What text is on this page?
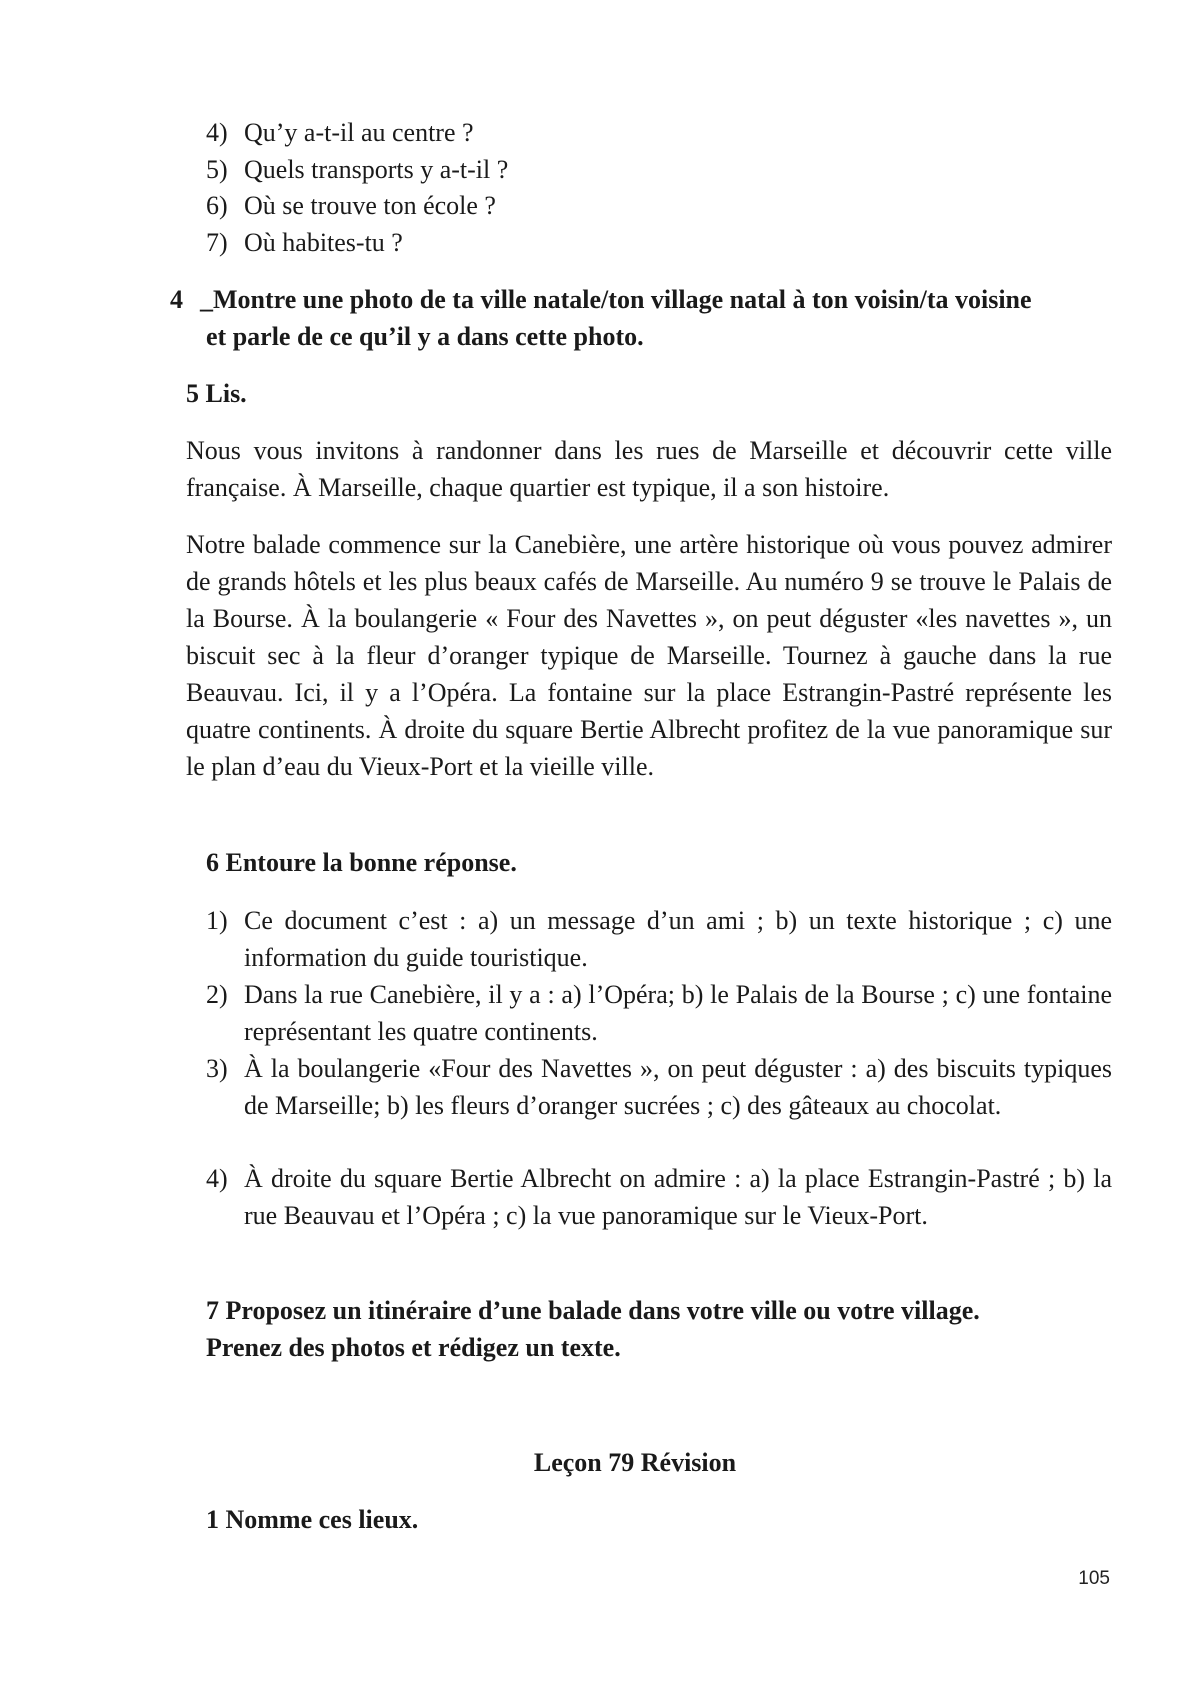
4) Qu’y a-t-il au centre ?
5) Quels transports y a-t-il ?
6) Où se trouve ton école ?
7) Où habites-tu ?
4 _Montre une photo de ta ville natale/ton village natal à ton voisin/ta voisine
et parle de ce qu’il y a dans cette photo.
5 Lis.
Nous vous invitons à randonner dans les rues de Marseille et découvrir cette ville française. À Marseille, chaque quartier est typique, il a son histoire.
Notre balade commence sur la Canebière, une artère historique où vous pouvez admirer de grands hôtels et les plus beaux cafés de Marseille. Au numéro 9 se trouve le Palais de la Bourse. À la boulangerie « Four des Navettes », on peut déguster «les navettes », un biscuit sec à la fleur d’oranger typique de Marseille. Tournez à gauche dans la rue Beauvau. Ici, il y a l’Opéra. La fontaine sur la place Estrangin-Pastré représente les quatre continents. À droite du square Bertie Albrecht profitez de la vue panoramique sur le plan d’eau du Vieux-Port et la vieille ville.
6 Entoure la bonne réponse.
1) Ce document c’est : a) un message d’un ami ; b) un texte historique ; c) une information du guide touristique.
2) Dans la rue Canebière, il y a : a) l’Opéra; b) le Palais de la Bourse ; c) une fontaine représentant les quatre continents.
3) À la boulangerie «Four des Navettes », on peut déguster : a) des biscuits typiques de Marseille; b) les fleurs d’oranger sucrées ; c) des gâteaux au chocolat.
4) À droite du square Bertie Albrecht on admire : a) la place Estrangin-Pastré ; b) la rue Beauvau et l’Opéra ; c) la vue panoramique sur le Vieux-Port.
7 Proposez un itinéraire d’une balade dans votre ville ou votre village.
Prenez des photos et rédigez un texte.
Leçon 79 Révision
1 Nomme ces lieux.
105
